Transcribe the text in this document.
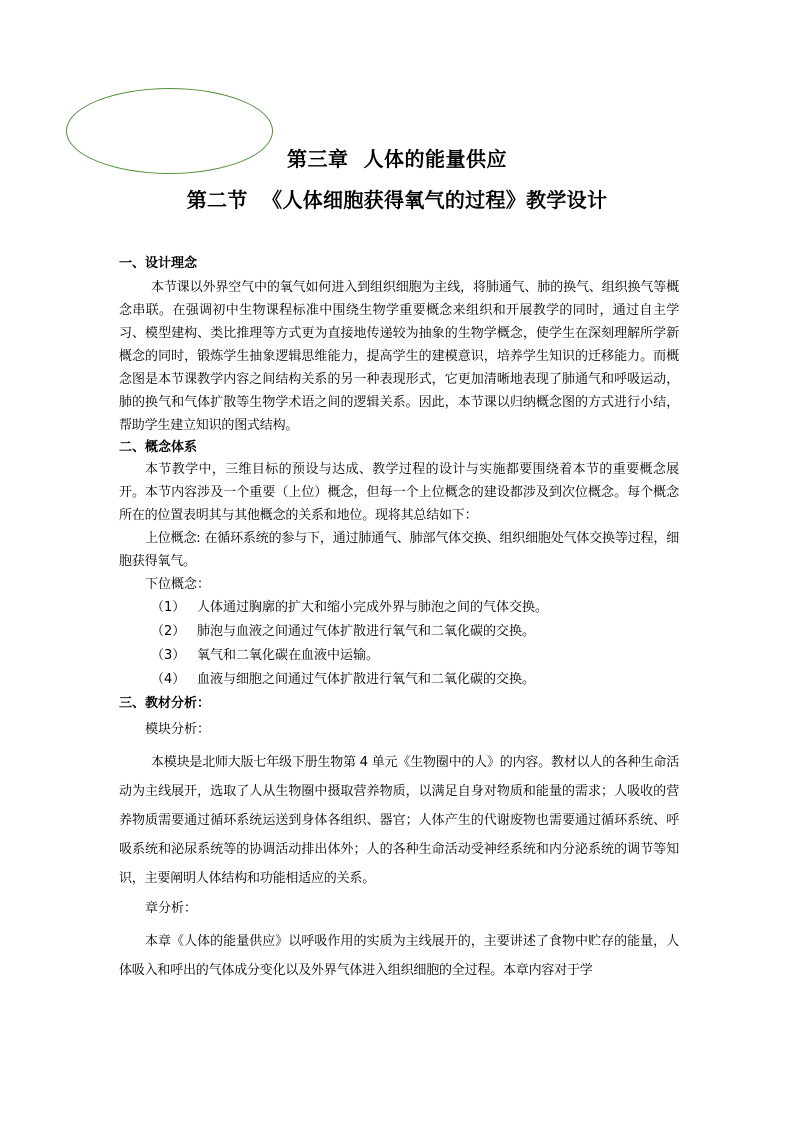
第三章  人体的能量供应
第二节  《人体细胞获得氧气的过程》教学设计
一、设计理念

本节课以外界空气中的氧气如何进入到组织细胞为主线，将肺通气、肺的换气、组织换气等概念串联。在强调初中生物课程标准中围绕生物学重要概念来组织和开展教学的同时，通过自主学习、模型建构、类比推理等方式更为直接地传递较为抽象的生物学概念，使学生在深刻理解所学新概念的同时，锻炼学生抽象逻辑思维能力，提高学生的建模意识，培养学生知识的迁移能力。而概念图是本节课教学内容之间结构关系的另一种表现形式，它更加清晰地表现了肺通气和呼吸运动，肺的换气和气体扩散等生物学术语之间的逻辑关系。因此，本节课以归纳概念图的方式进行小结，帮助学生建立知识的图式结构。

二、概念体系

本节教学中，三维目标的预设与达成、教学过程的设计与实施都要围绕着本节的重要概念展开。本节内容涉及一个重要（上位）概念，但每一个上位概念的建设都涉及到次位概念。每个概念所在的位置表明其与其他概念的关系和地位。现将其总结如下：

上位概念: 在循环系统的参与下，通过肺通气、肺部气体交换、组织细胞处气体交换等过程，细胞获得氧气。

下位概念：

（1） 人体通过胸廓的扩大和缩小完成外界与肺泡之间的气体交换。
（2） 肺泡与血液之间通过气体扩散进行氧气和二氧化碳的交换。
（3） 氧气和二氧化碳在血液中运输。
（4） 血液与细胞之间通过气体扩散进行氧气和二氧化碳的交换。
三、教材分析：
模块分析：

本模块是北师大版七年级下册生物第 4 单元《生物圈中的人》的内容。教材以人的各种生命活动为主线展开，选取了人从生物圈中摄取营养物质，以满足自身对物质和能量的需求；人吸收的营养物质需要通过循环系统运送到身体各组织、器官；人体产生的代谢废物也需要通过循环系统、呼吸系统和泌尿系统等的协调活动排出体外；人的各种生命活动受神经系统和内分泌系统的调节等知识，主要阐明人体结构和功能相适应的关系。

章分析：

本章《人体的能量供应》以呼吸作用的实质为主线展开的，主要讲述了食物中贮存的能量，人体吸入和呼出的气体成分变化以及外界气体进入组织细胞的全过程。本章内容对于学
